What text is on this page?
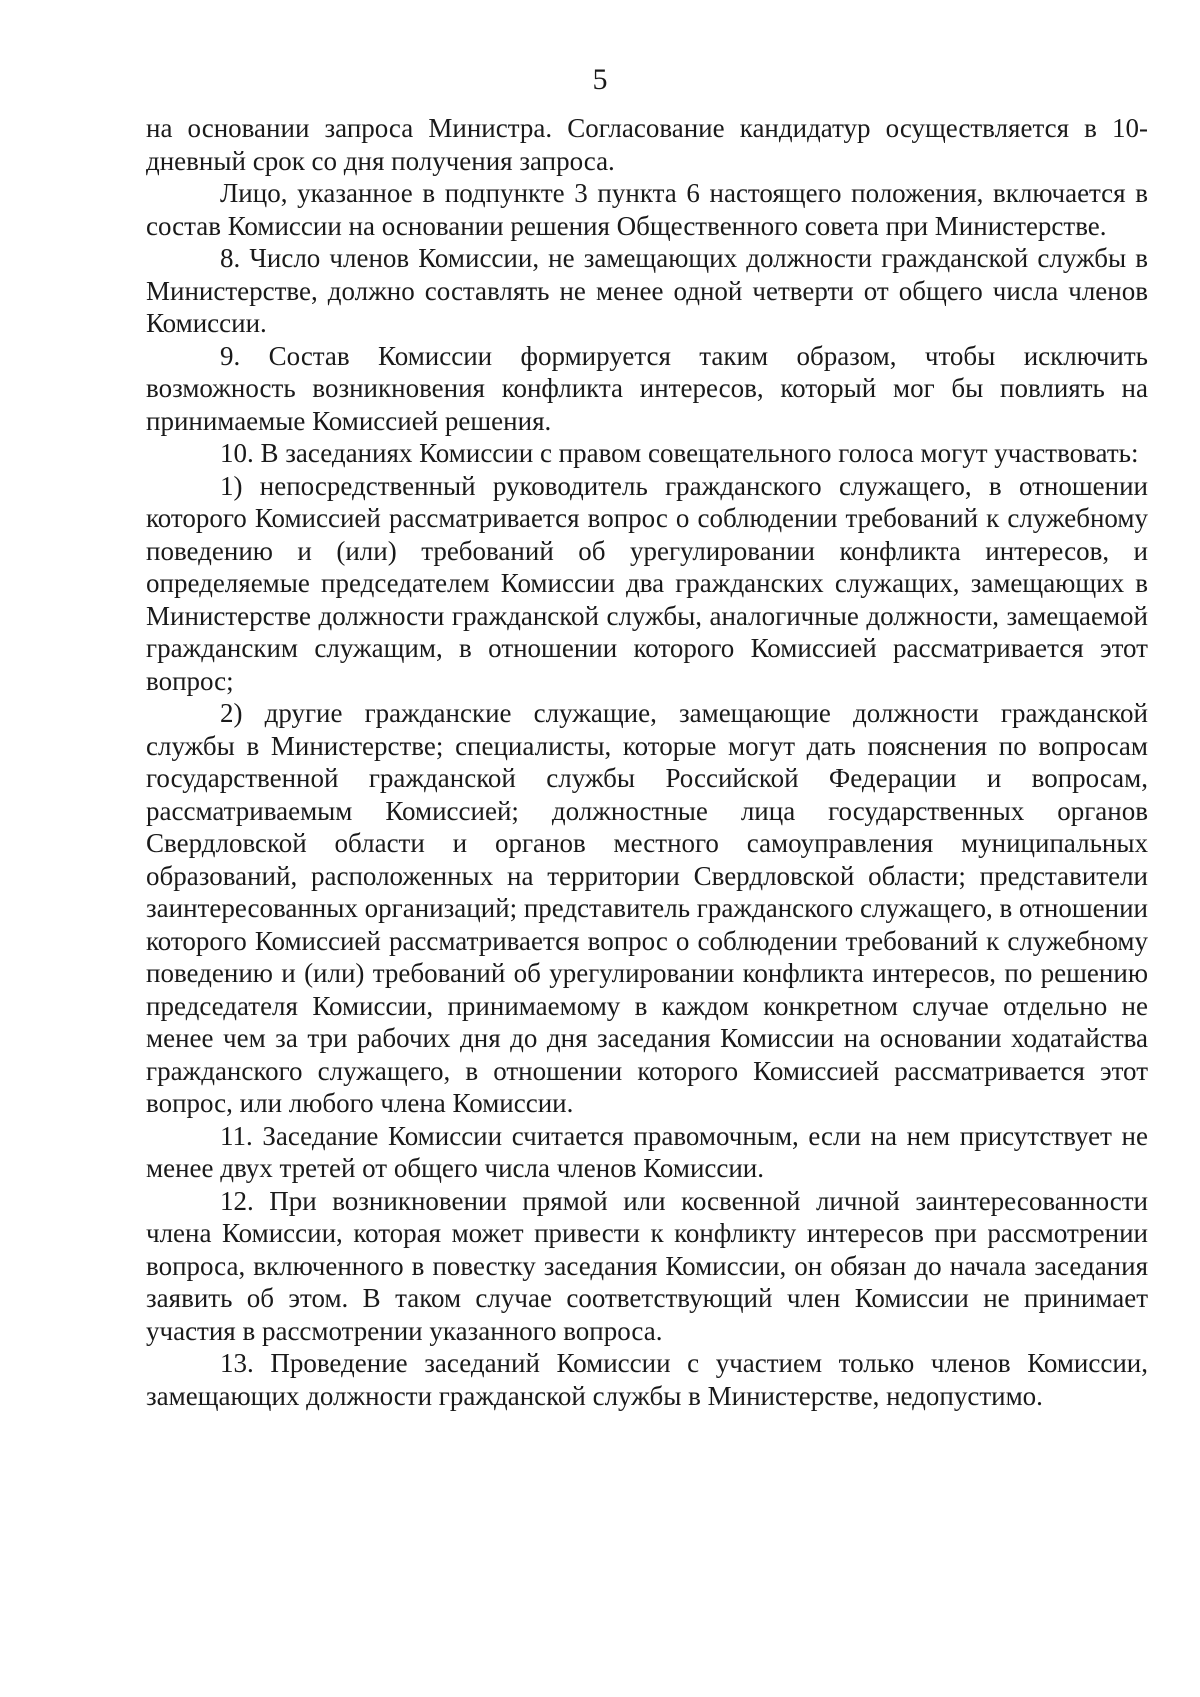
5

на основании запроса Министра. Согласование кандидатур осуществляется в 10-дневный срок со дня получения запроса.

Лицо, указанное в подпункте 3 пункта 6 настоящего положения, включается в состав Комиссии на основании решения Общественного совета при Министерстве.

8. Число членов Комиссии, не замещающих должности гражданской службы в Министерстве, должно составлять не менее одной четверти от общего числа членов Комиссии.

9. Состав Комиссии формируется таким образом, чтобы исключить возможность возникновения конфликта интересов, который мог бы повлиять на принимаемые Комиссией решения.

10. В заседаниях Комиссии с правом совещательного голоса могут участвовать:

1) непосредственный руководитель гражданского служащего, в отношении которого Комиссией рассматривается вопрос о соблюдении требований к служебному поведению и (или) требований об урегулировании конфликта интересов, и определяемые председателем Комиссии два гражданских служащих, замещающих в Министерстве должности гражданской службы, аналогичные должности, замещаемой гражданским служащим, в отношении которого Комиссией рассматривается этот вопрос;

2) другие гражданские служащие, замещающие должности гражданской службы в Министерстве; специалисты, которые могут дать пояснения по вопросам государственной гражданской службы Российской Федерации и вопросам, рассматриваемым Комиссией; должностные лица государственных органов Свердловской области и органов местного самоуправления муниципальных образований, расположенных на территории Свердловской области; представители заинтересованных организаций; представитель гражданского служащего, в отношении которого Комиссией рассматривается вопрос о соблюдении требований к служебному поведению и (или) требований об урегулировании конфликта интересов, по решению председателя Комиссии, принимаемому в каждом конкретном случае отдельно не менее чем за три рабочих дня до дня заседания Комиссии на основании ходатайства гражданского служащего, в отношении которого Комиссией рассматривается этот вопрос, или любого члена Комиссии.

11. Заседание Комиссии считается правомочным, если на нем присутствует не менее двух третей от общего числа членов Комиссии.

12. При возникновении прямой или косвенной личной заинтересованности члена Комиссии, которая может привести к конфликту интересов при рассмотрении вопроса, включенного в повестку заседания Комиссии, он обязан до начала заседания заявить об этом. В таком случае соответствующий член Комиссии не принимает участия в рассмотрении указанного вопроса.

13. Проведение заседаний Комиссии с участием только членов Комиссии, замещающих должности гражданской службы в Министерстве, недопустимо.
